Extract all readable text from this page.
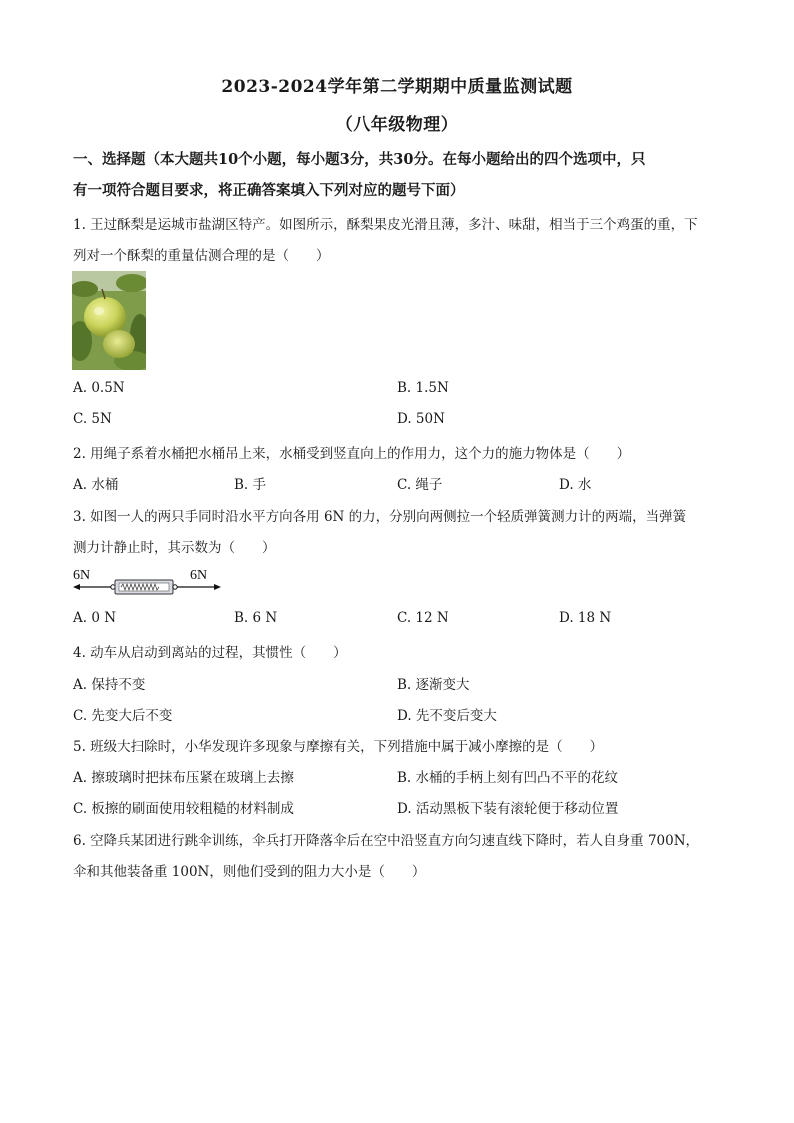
2023-2024学年第二学期期中质量监测试题
（八年级物理）
一、选择题（本大题共10个小题，每小题3分，共30分。在每小题给出的四个选项中，只
有一项符合题目要求，将正确答案填入下列对应的题号下面）
1. 王过酥梨是运城市盐湖区特产。如图所示，酥梨果皮光滑且薄，多汁、味甜，相当于三个鸡蛋的重，下
列对一个酥梨的重量估测合理的是（　　）
A. 0.5N	B. 1.5N
C. 5N	D. 50N
2. 用绳子系着水桶把水桶吊上来，水桶受到竖直向上的作用力，这个力的施力物体是（　　）
A. 水桶	B. 手	C. 绳子	D. 水
3. 如图一人的两只手同时沿水平方向各用 6N 的力，分别向两侧拉一个轻质弹簧测力计的两端，当弹簧
测力计静止时，其示数为（　　）
6N	6N
A. 0 N	B. 6 N	C. 12 N	D. 18 N
4. 动车从启动到离站的过程，其惯性（　　）
A. 保持不变	B. 逐渐变大
C. 先变大后不变	D. 先不变后变大
5. 班级大扫除时，小华发现许多现象与摩擦有关，下列措施中属于减小摩擦的是（　　）
A. 擦玻璃时把抹布压紧在玻璃上去擦	B. 水桶的手柄上刻有凹凸不平的花纹
C. 板擦的刷面使用较粗糙的材料制成	D. 活动黑板下装有滚轮便于移动位置
6. 空降兵某团进行跳伞训练，伞兵打开降落伞后在空中沿竖直方向匀速直线下降时，若人自身重 700N，
伞和其他装备重 100N，则他们受到的阻力大小是（　　）
